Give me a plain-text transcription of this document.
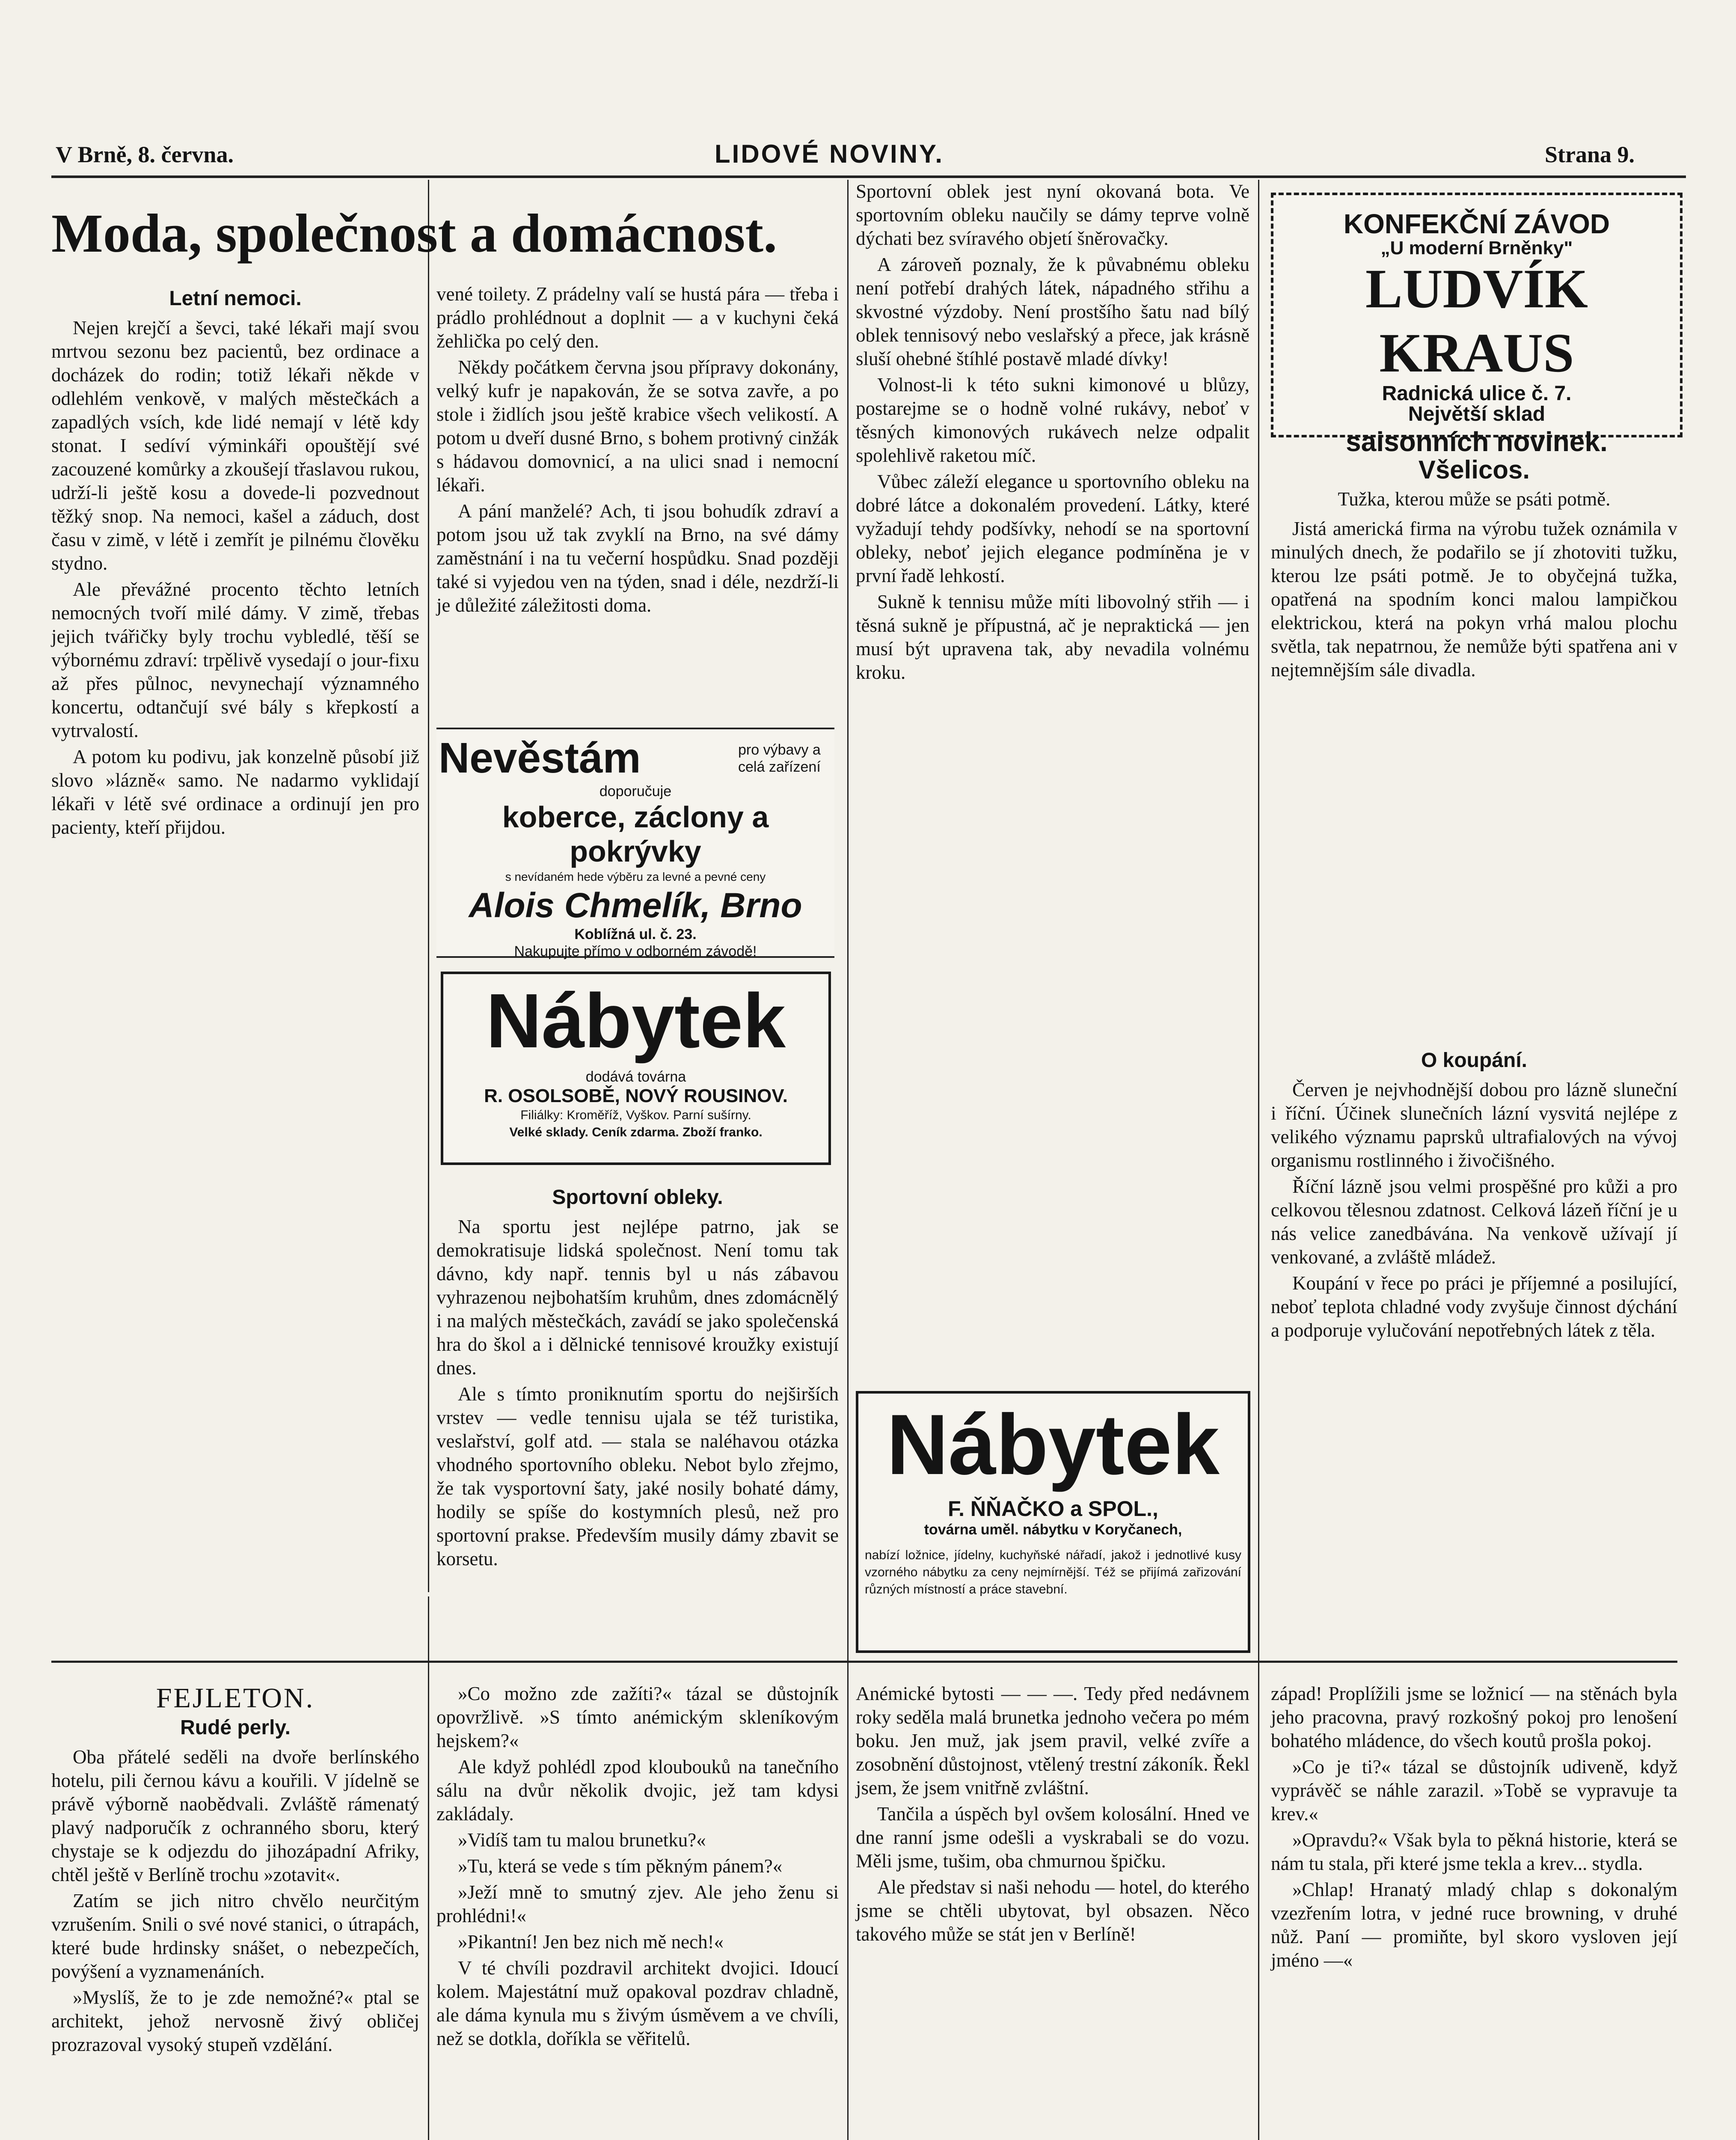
V Brně, 8. června.	LIDOVÉ NOVINY.	Strana 9.
Moda, společnost a domácnost.
Letní nemoci.

Nejen krejčí a ševci, také lékaři mají svou mrtvou sezonu bez pacientů, bez ordinace a docházek do rodin; totiž lékaři někde v odlehlém venkově, v malých městečkách a zapadlých vsích, kde lidé nemají v létě kdy stonat. I sedíví výminkáři opouštějí své zacouzené komůrky a zkoušejí třaslavou rukou, udrží-li ještě kosu a dovede-li pozvednout těžký snop. Na nemoci, kašel a záduch, dost času v zimě, v létě i zemřít je pilnému člověku stydno.

Ale převážné procento těchto letních nemocných tvoří milé dámy. V zimě, třebas jejich tvářičky byly trochu vybledlé, těší se výbornému zdraví: trpělivě vysedají o jour-fixu až přes půlnoc, nevynechají významného koncertu, odtančují své bály s křepkostí a vytrvalostí.

A potom ku podivu, jak konzelně působí již slovo »lázně« samo. Ne nadarmo vyklidají lékaři v létě své ordinace a ordinují jen pro pacienty, kteří přijdou.

FEJLETON.
Rudé perly.

Oba přátelé seděli na dvoře berlínského hotelu, pili černou kávu a kouřili. V jídelně se právě výborně naobědvali. Zvláště rámenatý plavý nadporučík z ochranného sboru, který chystaje se k odjezdu do jihozápadní Afriky, chtěl ještě v Berlíně trochu »zotavit«.

Zatím se jich nitro chvělo neurčitým vzrušením. Snili o své nové stanici, o útrapách, které bude hrdinsky snášet, o nebezpečích, povýšení a vyznamenáních.

»Myslíš, že to je zde nemožné?« ptal se architekt, jehož nervosně živý obličej prozrazoval vysoký stupeň vzdělání.

vené toilety. Z prádelny valí se hustá pára — třeba i prádlo prohlédnout a doplnit — a v kuchyni čeká žehlička po celý den.

Někdy počátkem června jsou přípravy dokonány, velký kufr je napakován, že se sotva zavře, a po stole i židlích jsou ještě krabice všech velikostí. A potom u dveří dusné Brno, s bohem protivný cinžák s hádavou domovnicí, a na ulici snad i nemocní lékaři.

A pání manželé? Ach, ti jsou bohudík zdraví a potom jsou už tak zvyklí na Brno, na své dámy zaměstnání i na tu večerní hospůdku. Snad později také si vyjedou ven na týden, snad i déle, nezdrží-li je důležité záležitosti doma.

Nevěstám	pro výbavy a celá zařízení
doporučuje
koberce, záclony a pokrývky
s nevídaném hede výběru za levné a pevné ceny
Alois Chmelík, Brno
Koblížná ul. č. 23.
Nakupujte přímo v odborném závodě!
Nábytek
dodává továrna
R. OSOLSOBĚ, NOVÝ ROUSINOV.
Filiálky: Kroměříž, Vyškov. Parní sušírny.
Velké sklady. Ceník zdarma. Zboží franko.
Sportovní obleky.

Na sportu jest nejlépe patrno, jak se demokratisuje lidská společnost. Není tomu tak dávno, kdy např. tennis byl u nás zábavou vyhrazenou nejbohatším kruhům, dnes zdomácnělý i na malých městečkách, zavádí se jako společenská hra do škol a i dělnické tennisové kroužky existují dnes.

Ale s tímto proniknutím sportu do nejširších vrstev — vedle tennisu ujala se též turistika, veslařství, golf atd. — stala se naléhavou otázka vhodného sportovního obleku. Nebot bylo zřejmo, že tak vysportovní šaty, jaké nosily bohaté dámy, hodily se spíše do kostymních plesů, než pro sportovní prakse. Především musily dámy zbavit se korsetu.

Sportovní oblek jest nyní okovaná bota. Ve sportovním obleku naučily se dámy teprve volně dýchati bez svíravého objetí šněrovačky.

A zároveň poznaly, že k půvabnému obleku není potřebí drahých látek, nápadného střihu a skvostné výzdoby. Není prostšího šatu nad bílý oblek tennisový nebo veslařský a přece, jak krásně sluší ohebné štíhlé postavě mladé dívky!

Volnost-li k této sukni kimonové u blůzy, postarejme se o hodně volné rukávy, neboť v těsných kimonových rukávech nelze odpalit spolehlivě raketou míč.

Vůbec záleží elegance u sportovního obleku na dobré látce a dokonalém provedení. Látky, které vyžadují tehdy podšívky, nehodí se na sportovní obleky, neboť jejich elegance podmíněna je v první řadě lehkostí.

Sukně k tennisu může míti libovolný střih — i těsná sukně je přípustná, ač je nepraktická — jen musí být upravena tak, aby nevadila volnému kroku.

Nábytek
F. ŇŇAČKO a SPOL.,
továrna uměl. nábytku v Koryčanech,
nabízí ložnice, jídelny, kuchyňské nářadí, jakož i jednotlivé kusy vzorného nábytku za ceny nejmírnější. Též se přijímá zařizování různých místností a práce stavební.
KONFEKČNÍ ZÁVOD
„U moderní Brněnky"
LUDVÍK KRAUS
Radnická ulice č. 7.
Největší sklad
saisonních novinek.
Všelicos.
Tužka, kterou může se psáti potmě.

Jistá americká firma na výrobu tužek oznámila v minulých dnech, že podařilo se jí zhotoviti tužku, kterou lze psáti potmě. Je to obyčejná tužka, opatřená na spodním konci malou lampičkou elektrickou, která na pokyn vrhá malou plochu světla, tak nepatrnou, že nemůže býti spatřena ani v nejtemnějším sále divadla.

O koupání.

Červen je nejvhodnější dobou pro lázně sluneční i říční. Účinek slunečních lázní vysvitá nejlépe z velikého významu paprsků ultrafialových na vývoj organismu rostlinného i živočišného.

Říční lázně jsou velmi prospěšné pro kůži a pro celkovou tělesnou zdatnost. Celková lázeň říční je u nás velice zanedbávána. Na venkově užívají jí venkované, a zvláště mládež.

Koupání v řece po práci je příjemné a posilující, neboť teplota chladné vody zvyšuje činnost dýchání a podporuje vylučování nepotřebných látek z těla.

»Co možno zde zažíti?« tázal se důstojník opovržlivě. »S tímto anémickým skleníkovým hejskem?«

Ale když pohlédl zpod kloubouků na tanečního sálu na dvůr několik dvojic, jež tam kdysi zakládaly.

»Vidíš tam tu malou brunetku?«

»Tu, která se vede s tím pěkným pánem?«

»Ježí mně to smutný zjev. Ale jeho ženu si prohlédni!«

»Pikantní! Jen bez nich mě nech!«

V té chvíli pozdravil architekt dvojici. Idoucí kolem. Majestátní muž opakoval pozdrav chladně, ale dáma kynula mu s živým úsměvem a ve chvíli, než se dotkla, doříkla se věřitelů.

Anémické bytosti — — —. Tedy před nedávnem roky seděla malá brunetka jednoho večera po mém boku. Jen muž, jak jsem pravil, velké zvíře a zosobnění důstojnost, vtělený trestní zákoník. Řekl jsem, že jsem vnitřně zvláštní.

Tančila a úspěch byl ovšem kolosální. Hned ve dne ranní jsme odešli a vyskrabali se do vozu. Měli jsme, tušim, oba chmurnou špičku.

Ale představ si naši nehodu — hotel, do kterého jsme se chtěli ubytovat, byl obsazen. Něco takového může se stát jen v Berlíně!

západ! Proplížili jsme se ložnicí — na stěnách byla jeho pracovna, pravý rozkošný pokoj pro lenošení bohatého mládence, do všech koutů prošla pokoj.

»Co je ti?« tázal se důstojník udiveně, když vyprávěč se náhle zarazil. »Tobě se vypravuje ta krev.«

»Opravdu?« Však byla to pěkná historie, která se nám tu stala, při které jsme tekla a krev... stydla.

»Chlap! Hranatý mladý chlap s dokonalým vzezřením lotra, v jedné ruce browning, v druhé nůž. Paní — promiňte, byl skoro vysloven její jméno —«
